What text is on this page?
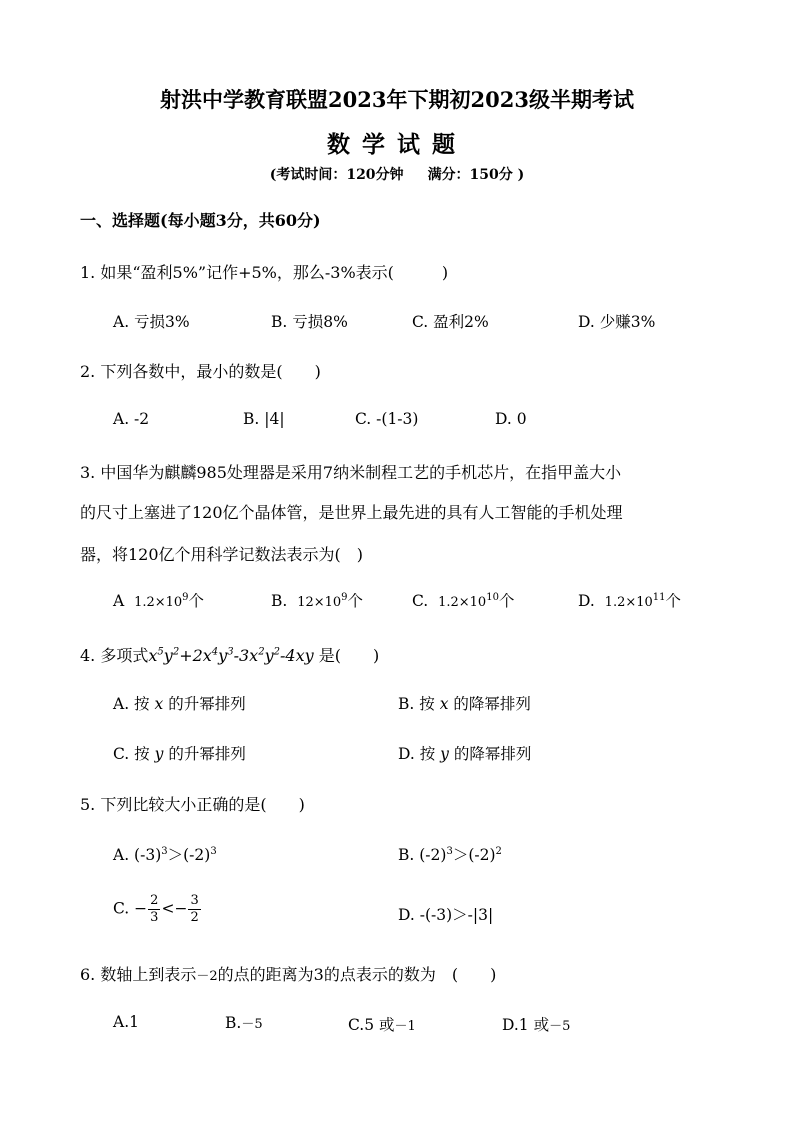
射洪中学教育联盟2023年下期初2023级半期考试
数学试题
(考试时间：120分钟 满分：150分 )
一、选择题(每小题3分，共60分)
1. 如果“盈利5%”记作+5%，那么-3%表示(　　　)
A. 亏损3%	B. 亏损8%	C. 盈利2%	D. 少赚3%
2. 下列各数中，最小的数是(　　)
A. -2	B. |4|	C. -(1-3)	D. 0
3. 中国华为麒麟985处理器是采用7纳米制程工艺的手机芯片，在指甲盖大小
的尺寸上塞进了120亿个晶体管，是世界上最先进的具有人工智能的手机处理
器，将120亿个用科学记数法表示为(　)
A $1.2\times 10^9$个	B. $12\times 10^9$个	C. $1.2\times 10^{10}$个	D. $1.2\times 10^{11}$个
4. 多项式$x^5y^2+2x^4y^3-3x^2y^2-4xy$ 是(　　)
A. 按 x 的升幂排列	B. 按 x 的降幂排列
C. 按 y 的升幂排列	D. 按 y 的降幂排列
5. 下列比较大小正确的是(　　)
A. $(-3)^3>(-2)^3$	B. $(-2)^3>(-2)^2$
C. − $\frac{2}{3} <- \frac{3}{2}$	D. -(-3)＞-|3|
6. 数轴上到表示－2的点的距离为3的点表示的数为　(　　)
A.1	B.－5	C.5 或－1	D.1 或－5
